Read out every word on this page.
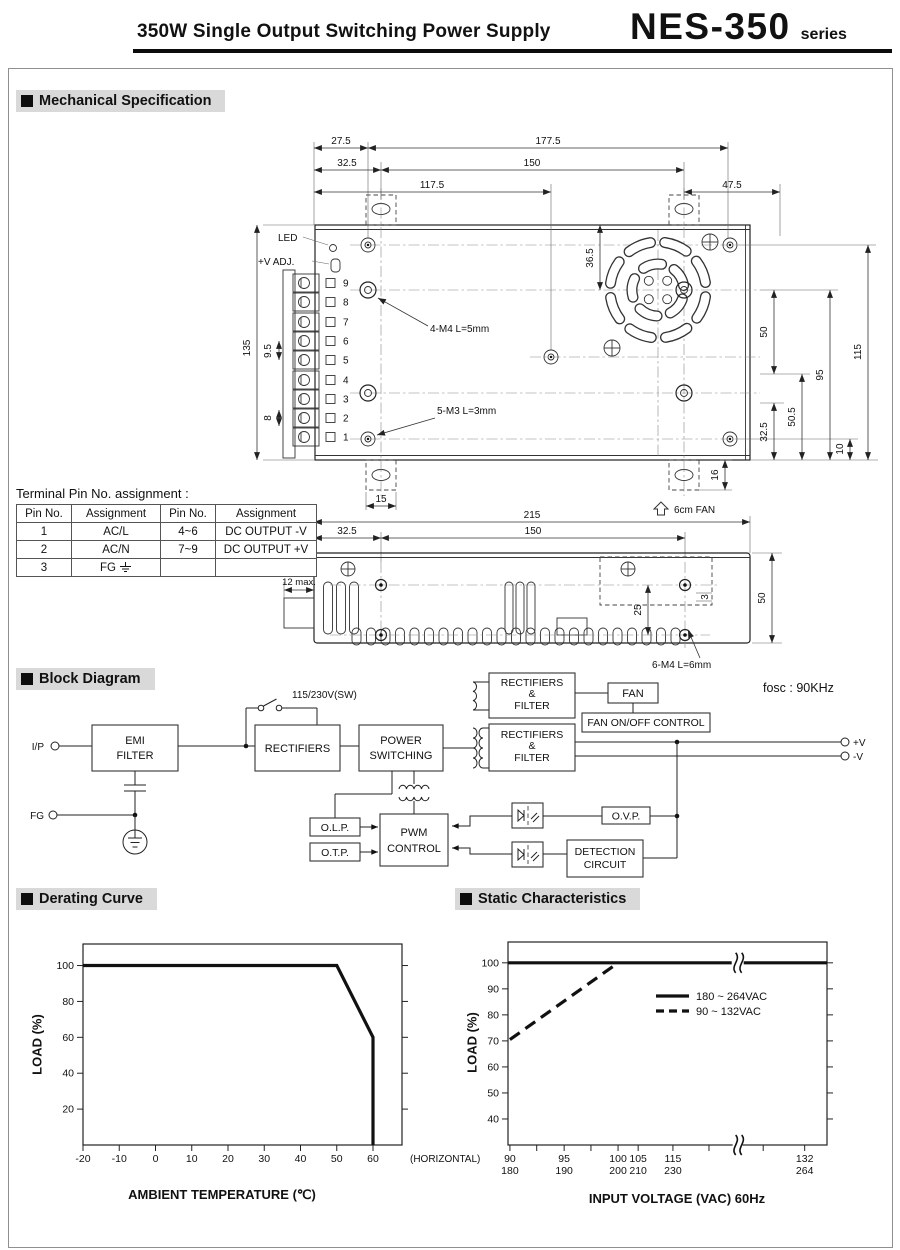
350W Single Output Switching Power Supply NES-350 series
Mechanical Specification
Block Diagram
Derating Curve	Static Characteristics
27.5	177.5
32.5	150
117.5	47.5
135 9.5
8
16
50
32.5
50.5
95
10
115
36.5
4-M4 L=5mm
5-M3 L=3mm
9
8
7
6
5
4
3
2
1
LED
+V ADJ.
15
6cm FAN
215
32.5	150
12 max.
25
3	50
6-M4 L=6mm
Terminal Pin No. assignment :
Pin No.	Assignment	Pin No.	Assignment
1	AC/L	4~6	DC OUTPUT -V
2	AC/N	7~9	DC OUTPUT +V
3	FG		

fosc : 90KHz
I/P
FG
EMI
FILTER
115/230V(SW)
RECTIFIERS
POWER
SWITCHING
RECTIFIERS
&
FILTER
RECTIFIERS
&
FILTER
FAN
FAN ON/OFF CONTROL
+V
-V
O.L.P.
O.T.P.
PWM
CONTROL
O.V.P.
DETECTION
CIRCUIT
20
40
60
80
100
-20 -10 0	10 20 30 40 50 60	(HORIZONTAL)
40
50
60
70
80
90
100
90
180
95
190
100
200
105
210
115
230
132
264
180 ~ 264VAC
90 ~ 132VAC
LOAD (%)
AMBIENT TEMPERATURE (℃)
LOAD (%)
INPUT VOLTAGE (VAC) 60Hz
